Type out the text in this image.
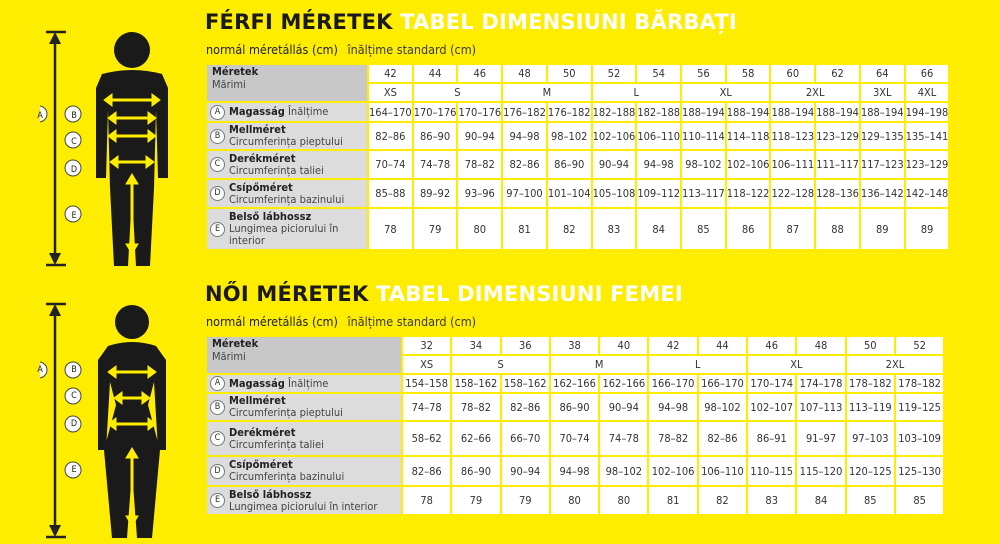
A	B
C
D
E
FÉRFI MÉRETEK TABEL DIMENSIUNI BĂRBAȚI
normál méretállás (cm) înălțime standard (cm)
Méretek
Mărimi	42	44	46	48	50	52	54	56	58	60	62	64	66
	XS	S		M		L		XL		2XL		3XL	4XL

A Magasság Înălțime	164–170	170–176	170–176	176–182	176–182	182–188	182–188	188–194	188–194	188–194	188–194	188–194	194–198

B Mellméret
Circumferința pieptului	82–86	86–90	90–94	94–98	98–102	102–106	106–110	110–114	114–118	118–123	123–129	129–135	135–141

C Derékméret
Circumferința taliei	70–74	74–78	78–82	82–86	86–90	90–94	94–98	98–102	102–106	106–111	111–117	117–123	123–129

D Csípőméret
Circumferința bazinului	85–88	89–92	93–96	97–100	101–104	105–108	109–112	113–117	118–122	122–128	128–136	136–142	142–148

E
Belső lábhossz
Lungimea piciorului în interior	78	79	80	81	82	83	84	85	86	87	88	89	89
A	B
C
D
E
NŐI MÉRETEK TABEL DIMENSIUNI FEMEI
normál méretállás (cm) înălțime standard (cm)
Méretek
Mărimi	32	34	36	38	40	42	44	46	48	50	52
	XS	S		M		L		XL		2XL	

A Magasság Înălțime	154–158	158–162	158–162	162–166	162–166	166–170	166–170	170–174	174–178	178–182	178–182

B Mellméret
Circumferința pieptului	74–78	78–82	82–86	86–90	90–94	94–98	98–102	102–107	107–113	113–119	119–125

C Derékméret
Circumferința taliei	58–62	62–66	66–70	70–74	74–78	78–82	82–86	86–91	91–97	97–103	103–109

D Csípőméret
Circumferința bazinului	82–86	86–90	90–94	94–98	98–102	102–106	106–110	110–115	115–120	120–125	125–130

E Belső lábhossz
Lungimea piciorului în interior	78	79	79	80	80	81	82	83	84	85	85
